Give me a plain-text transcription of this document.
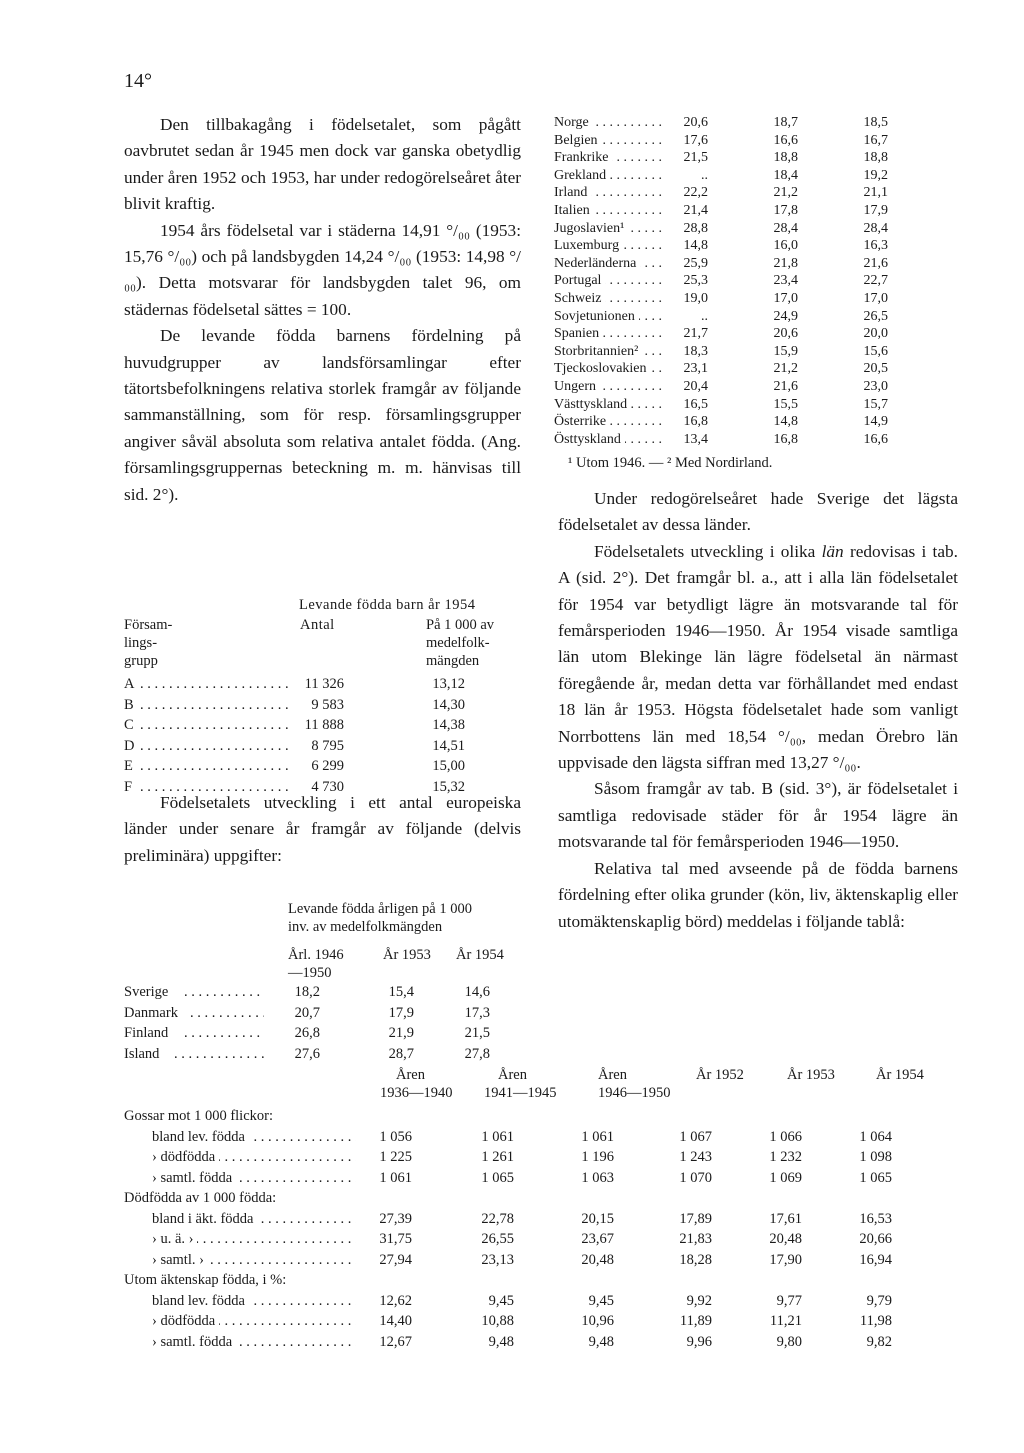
14°

Den tillbakagång i födelsetalet, som pågått oavbrutet sedan år 1945 men dock var ganska obetydlig under åren 1952 och 1953, har under redogörelseåret åter blivit kraftig.

1954 års födelsetal var i städerna 14,91 °/₀₀ (1953: 15,76 °/₀₀) och på landsbygden 14,24 °/₀₀ (1953: 14,98 °/₀₀). Detta motsvarar för landsbygden talet 96, om städernas födelsetal sättes = 100.

De levande födda barnens fördelning på huvudgrupper av landsförsamlingar efter tätortsbefolkningens relativa storlek framgår av följande sammanställning, som för resp. församlingsgrupper angiver såväl absoluta som relativa antalet födda. (Ang. församlingsgruppernas beteckning m. m. hänvisas till sid. 2°).

Levande födda barn år 1954
Försam-
lings-
grupp
Antal	På 1 000 av
medelfolk-
mängden
A . . .	11 326	13,12
B . . .	9 583	14,30
C . . .	11 888	14,38
D . . .	8 795	14,51
E . . .	6 299	15,00
F . . .	4 730	15,32

Födelsetalets utveckling i ett antal europeiska länder under senare år framgår av följande (delvis preliminära) uppgifter:

Levande födda årligen på 1 000
inv. av medelfolkmängden
Årl. 1946
—1950
År 1953 År 1954
Sverige . . .	18,2	15,4	14,6
Danmark . . .	20,7	17,9	17,3
Finland . . .	26,8	21,9	21,5
Island . . .	27,6	28,7	27,8
Norge . . .	20,6	18,7	18,5
Belgien . . .	17,6	16,6	16,7
Frankrike . . .	21,5	18,8	18,8
Grekland . . .	..	18,4	19,2
Irland . . .	22,2	21,2	21,1
Italien . . .	21,4	17,8	17,9
Jugoslavien¹ . . .	28,8	28,4	28,4
Luxemburg . . .	14,8	16,0	16,3
Nederländerna . . .	25,9	21,8	21,6
Portugal . . .	25,3	23,4	22,7
Schweiz . . .	19,0	17,0	17,0
Sovjetunionen . . .	..	24,9	26,5
Spanien . . .	21,7	20,6	20,0
Storbritannien² . . .	18,3	15,9	15,6
Tjeckoslovakien . . .	23,1	21,2	20,5
Ungern . . .	20,4	21,6	23,0
Västtyskland . . .	16,5	15,5	15,7
Österrike . . .	16,8	14,8	14,9
Östtyskland . . .	13,4	16,8	16,6
¹ Utom 1946. — ² Med Nordirland.

Under redogörelseåret hade Sverige det lägsta födelsetalet av dessa länder.

Födelsetalets utveckling i olika län redovisas i tab. A (sid. 2°). Det framgår bl. a., att i alla län födelsetalet för 1954 var betydligt lägre än motsvarande tal för femårsperioden 1946—1950. År 1954 visade samtliga län utom Blekinge län lägre födelsetal än närmast föregående år, medan detta var förhållandet med endast 18 län år 1953. Högsta födelsetalet hade som vanligt Norrbottens län med 18,54 °/₀₀, medan Örebro län uppvisade den lägsta siffran med 13,27 °/₀₀.

Såsom framgår av tab. B (sid. 3°), är födelsetalet i samtliga redovisade städer för år 1954 lägre än motsvarande tal för femårsperioden 1946—1950.

Relativa tal med avseende på de födda barnens fördelning efter olika grunder (kön, liv, äktenskaplig eller utomäktenskaplig börd) meddelas i följande tablå:

Åren
1936—1940
Åren
1941—1945
Åren
1946—1950
År 1952	År 1953	År 1954
Gossar mot 1 000 flickor:
bland lev. födda . . .	1 056	1 061	1 061	1 067	1 066	1 064
› dödfödda . . .	1 225	1 261	1 196	1 243	1 232	1 098
› samtl. födda . . .	1 061	1 065	1 063	1 070	1 069	1 065
Dödfödda av 1 000 födda:
bland i äkt. födda . . .	27,39	22,78	20,15	17,89	17,61	16,53
› u. ä. › . . .	31,75	26,55	23,67	21,83	20,48	20,66
› samtl. › . . .	27,94	23,13	20,48	18,28	17,90	16,94
Utom äktenskap födda, i %:
bland lev. födda . . .	12,62	9,45	9,45	9,92	9,77	9,79
› dödfödda . . .	14,40	10,88	10,96	11,89	11,21	11,98
› samtl. födda . . .	12,67	9,48	9,48	9,96	9,80	9,82
